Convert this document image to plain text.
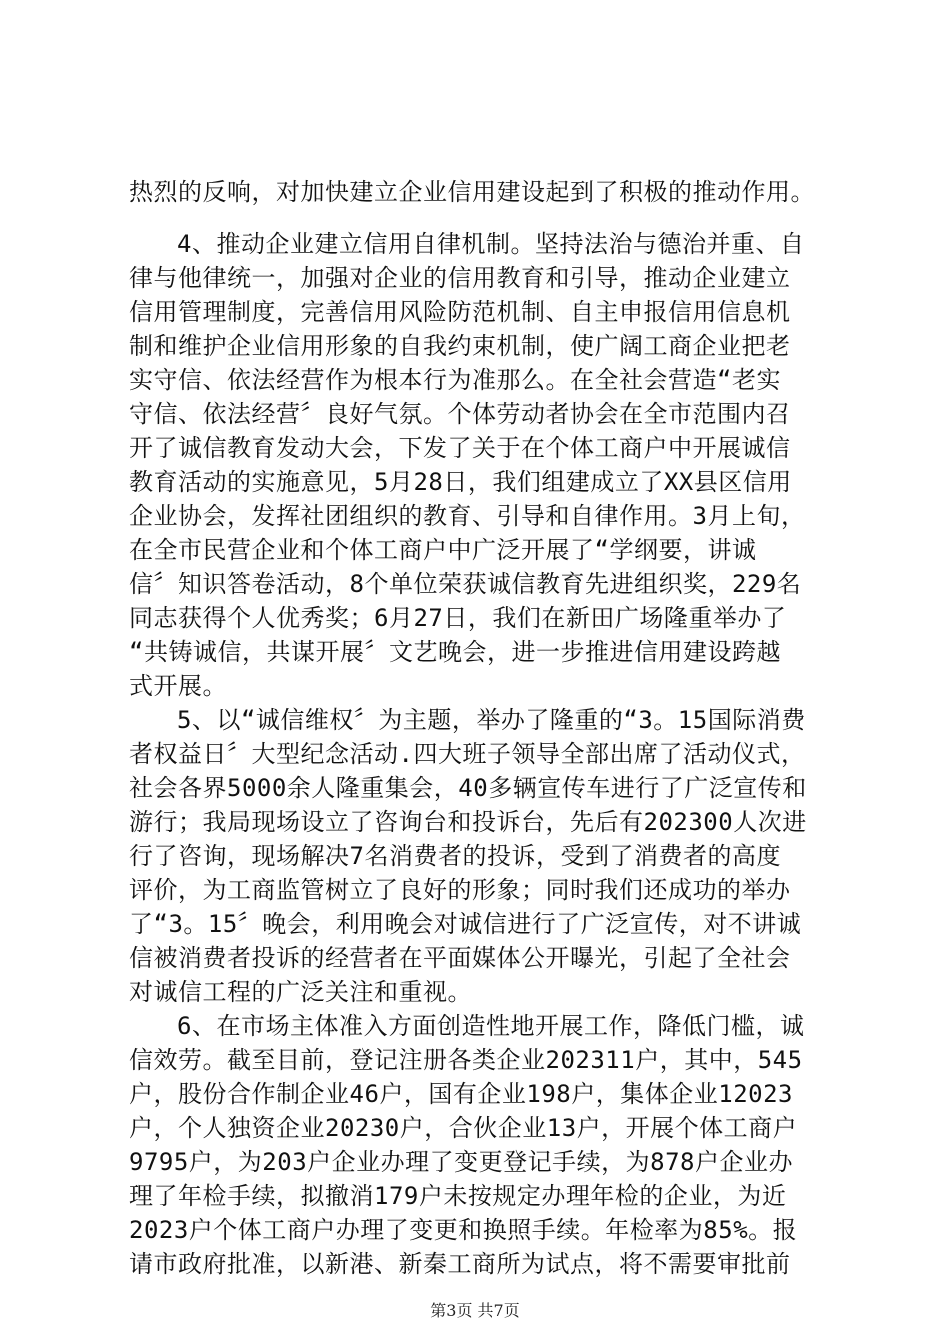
热烈的反响，对加快建立企业信用建设起到了积极的推动作用。
4、推动企业建立信用自律机制。坚持法治与德治并重、自
律与他律统一，加强对企业的信用教育和引导，推动企业建立
信用管理制度，完善信用风险防范机制、自主申报信用信息机
制和维护企业信用形象的自我约束机制，使广阔工商企业把老
实守信、依法经营作为根本行为准那么。在全社会营造“老实
守信、依法经营〞良好气氛。个体劳动者协会在全市范围内召
开了诚信教育发动大会，下发了关于在个体工商户中开展诚信
教育活动的实施意见，5月28日，我们组建成立了XX县区信用
企业协会，发挥社团组织的教育、引导和自律作用。3月上旬，
在全市民营企业和个体工商户中广泛开展了“学纲要，讲诚
信〞知识答卷活动，8个单位荣获诚信教育先进组织奖，229名
同志获得个人优秀奖；6月27日，我们在新田广场隆重举办了
“共铸诚信，共谋开展〞文艺晚会，进一步推进信用建设跨越
式开展。
5、以“诚信维权〞为主题，举办了隆重的“3。15国际消费
者权益日〞大型纪念活动.四大班子领导全部出席了活动仪式，
社会各界5000余人隆重集会，40多辆宣传车进行了广泛宣传和
游行；我局现场设立了咨询台和投诉台，先后有202300人次进
行了咨询，现场解决7名消费者的投诉，受到了消费者的高度
评价，为工商监管树立了良好的形象；同时我们还成功的举办
了“3。15〞晚会，利用晚会对诚信进行了广泛宣传，对不讲诚
信被消费者投诉的经营者在平面媒体公开曝光，引起了全社会
对诚信工程的广泛关注和重视。
6、在市场主体准入方面创造性地开展工作，降低门槛，诚
信效劳。截至目前，登记注册各类企业202311户，其中，545
户，股份合作制企业46户，国有企业198户，集体企业12023
户，个人独资企业20230户，合伙企业13户，开展个体工商户
9795户，为203户企业办理了变更登记手续，为878户企业办
理了年检手续，拟撤消179户未按规定办理年检的企业，为近
2023户个体工商户办理了变更和换照手续。年检率为85%。报
请市政府批准，以新港、新秦工商所为试点，将不需要审批前
第3页 共7页
